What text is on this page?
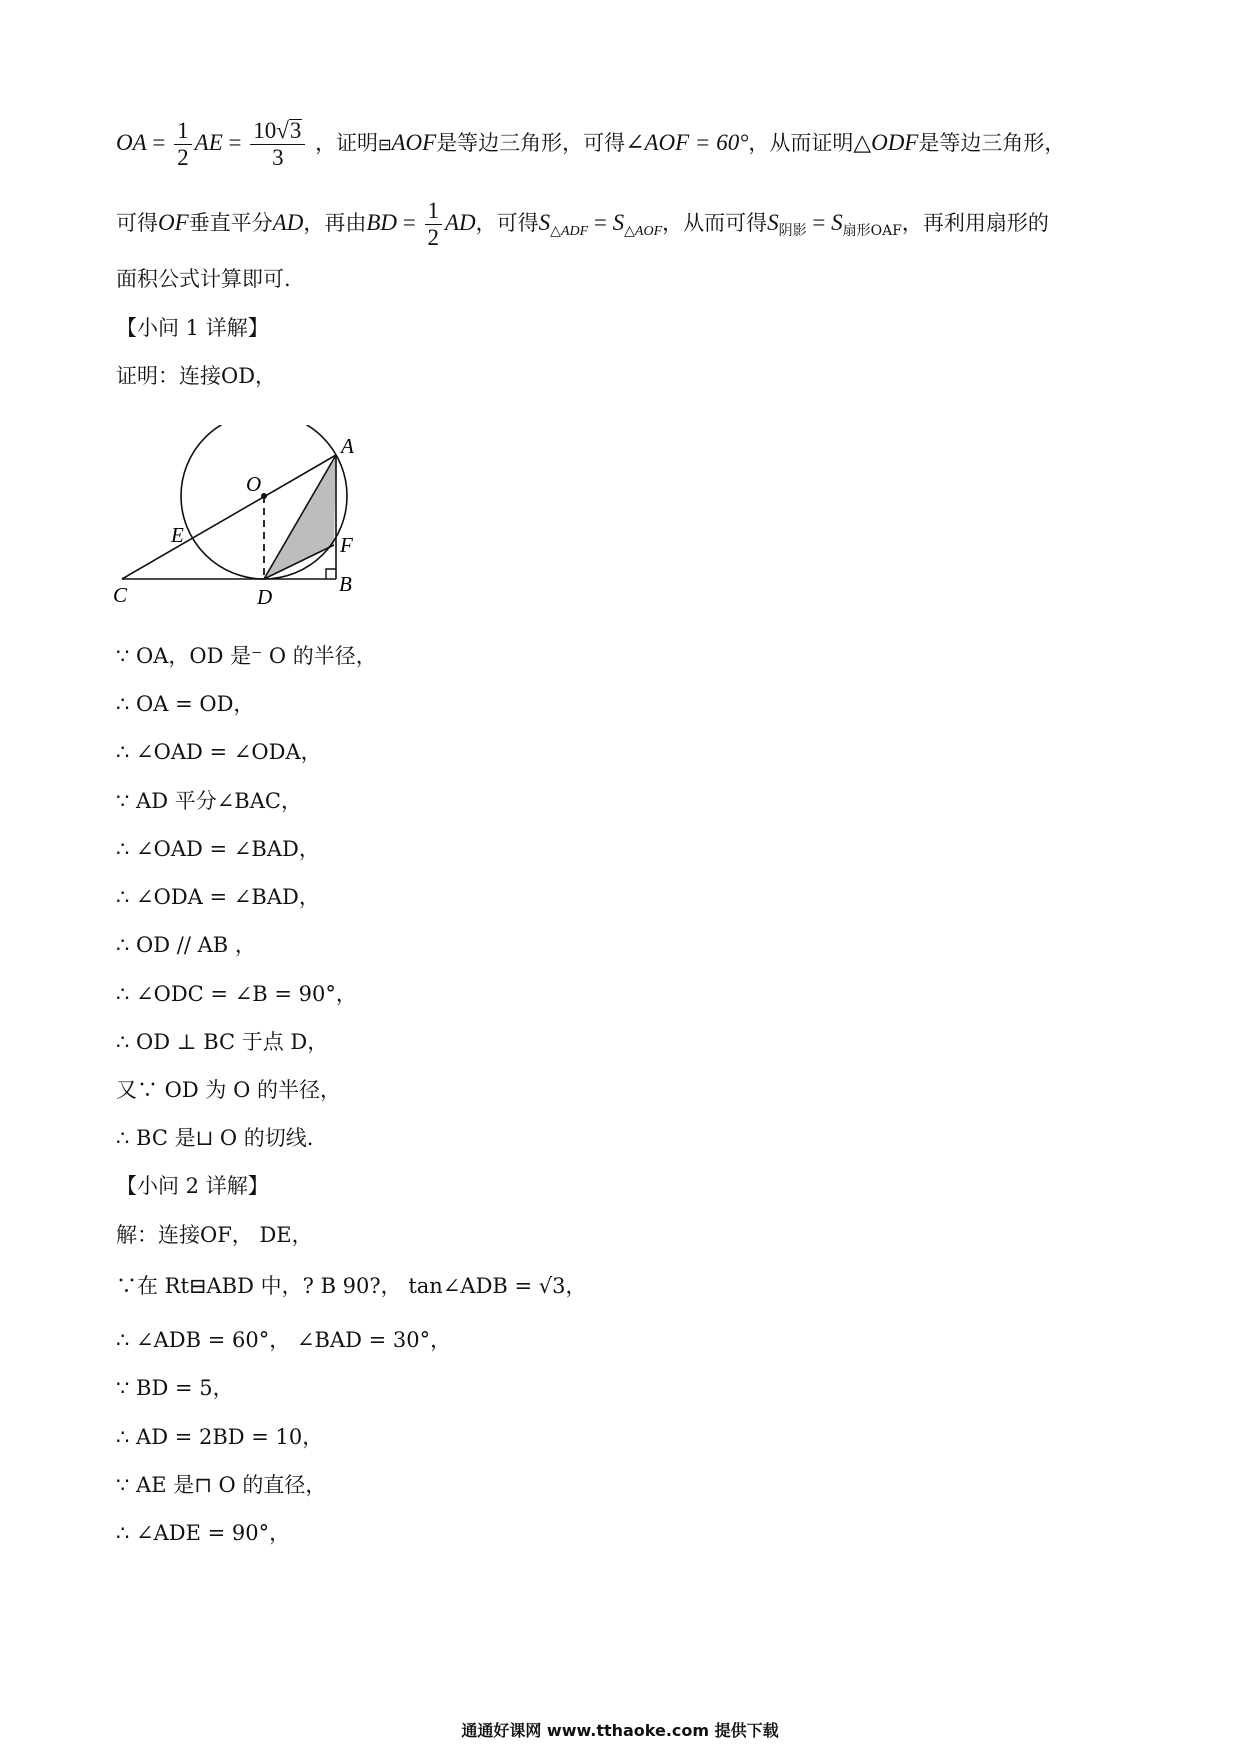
OA = $\frac{1}{2}$ AE = $\frac{10√3}{3}$ ，证明⊟AOF是等边三角形，可得∠AOF = 60°，从而证明△ODF是等边三角形，
可得OF垂直平分AD，再由BD = $\frac{1}{2}$ AD，可得$S_{\triangle ADF} = S_{\triangle AOF}$，从而可得$S_{阴影} = S_{扇形OAF}$，再利用扇形的
面积公式计算即可.
【小问 1 详解】
证明：连接OD，
A
O
E	F
C	D
B
∵ OA，OD 是⁻ O 的半径，
∴ OA = OD，
∴ ∠OAD = ∠ODA，
∵ AD 平分∠BAC，
∴ ∠OAD = ∠BAD，
∴ ∠ODA = ∠BAD，
∴ OD // AB ，
∴ ∠ODC = ∠B = 90°，
∴ OD ⊥ BC 于点 D，
又∵ OD 为 O 的半径，
∴ BC 是⊔ O 的切线.
【小问 2 详解】
解：连接OF， DE，
∵在 Rt⊟ABD 中，? B 90?， tan∠ADB = √3，
∴ ∠ADB = 60°， ∠BAD = 30°，
∵ BD = 5，
∴ AD = 2BD = 10，
∵ AE 是⊓ O 的直径，
∴ ∠ADE = 90°，
通通好课网 www.tthaoke.com 提供下载
